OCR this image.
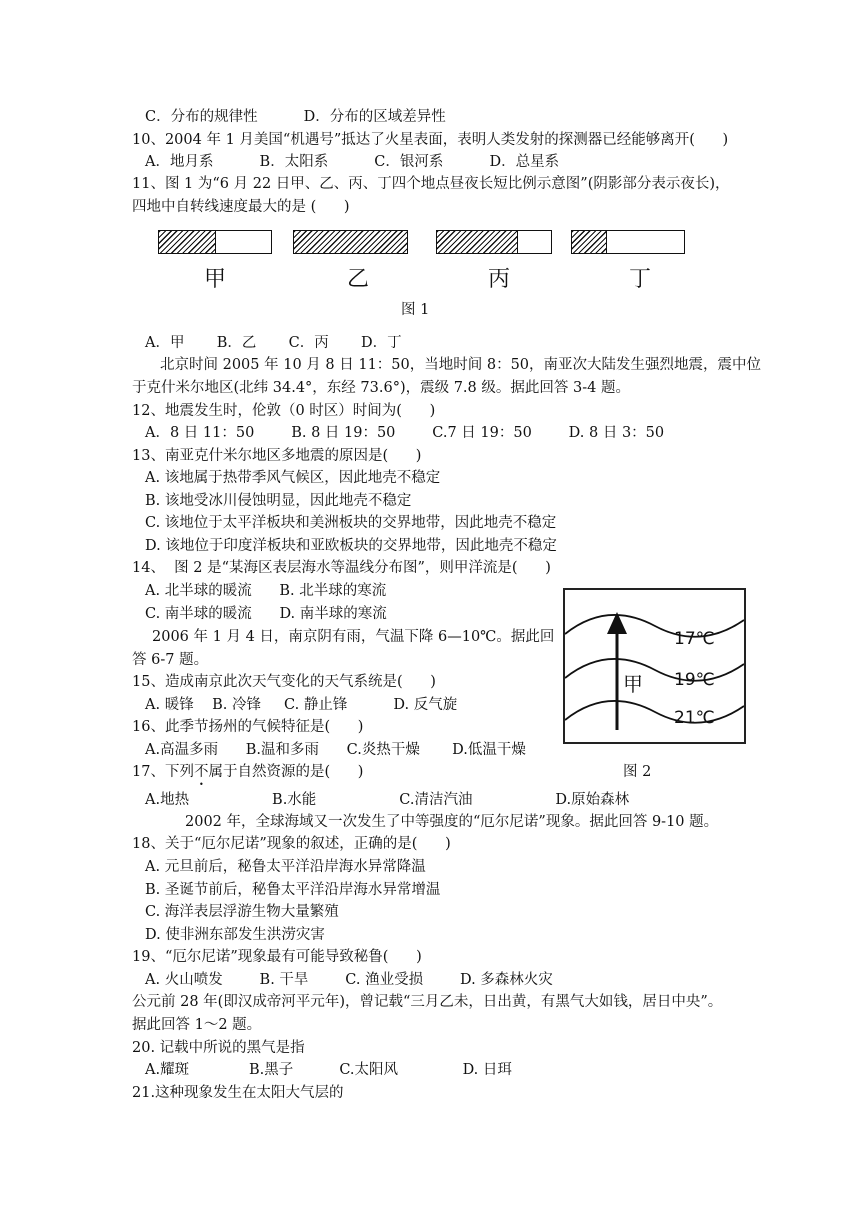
C．分布的规律性          D．分布的区域差异性
10、2004 年 1 月美国“机遇号”抵达了火星表面，表明人类发射的探测器已经能够离开(      )
A．地月系          B．太阳系          C．银河系          D．总星系
11、图 1 为“6 月 22 日甲、乙、丙、丁四个地点昼夜长短比例示意图”(阴影部分表示夜长)，
四地中自转线速度最大的是 (      )
甲	乙	丙	丁
图 1
A．甲       B．乙       C．丙       D．丁
北京时间 2005 年 10 月 8 日 11：50，当地时间 8：50，南亚次大陆发生强烈地震，震中位
于克什米尔地区(北纬 34.4°，东经 73.6°)，震级 7.8 级。据此回答 3-4 题。
12、地震发生时，伦敦（0 时区）时间为(      )
A．8 日 11：50        B. 8 日 19：50        C.7 日 19：50        D. 8 日 3：50
13、南亚克什米尔地区多地震的原因是(      )
A. 该地属于热带季风气候区，因此地壳不稳定
B. 该地受冰川侵蚀明显，因此地壳不稳定
C. 该地位于太平洋板块和美洲板块的交界地带，因此地壳不稳定
D. 该地位于印度洋板块和亚欧板块的交界地带，因此地壳不稳定
14、  图 2 是“某海区表层海水等温线分布图”，则甲洋流是(      )
A. 北半球的暖流      B. 北半球的寒流
C. 南半球的暖流      D. 南半球的寒流
2006 年 1 月 4 日，南京阴有雨，气温下降 6—10℃。据此回
答 6-7 题。
15、造成南京此次天气变化的天气系统是(      )
A. 暖锋    B. 冷锋     C. 静止锋          D. 反气旋
16、此季节扬州的气候特征是(      )
A.高温多雨      B.温和多雨      C.炎热干燥       D.低温干燥
17、下列不属于自然资源的是(      )
A.地热                  B.水能                  C.清洁汽油                  D.原始森林
2002 年，全球海域又一次发生了中等强度的“厄尔尼诺”现象。据此回答 9-10 题。
18、关于“厄尔尼诺”现象的叙述，正确的是(      )
A. 元旦前后，秘鲁太平洋沿岸海水异常降温
B. 圣诞节前后，秘鲁太平洋沿岸海水异常增温
C. 海洋表层浮游生物大量繁殖
D. 使非洲东部发生洪涝灾害
19、“厄尔尼诺”现象最有可能导致秘鲁(      )
A. 火山喷发        B. 干旱        C. 渔业受损        D. 多森林火灾
公元前 28 年(即汉成帝河平元年)，曾记载“三月乙未，日出黄，有黑气大如钱，居日中央”。
据此回答 1～2 题。
20. 记载中所说的黑气是指
A.耀斑             B.黑子          C.太阳风              D. 日珥
21.这种现象发生在太阳大气层的
甲
17℃
19℃
21℃
图 2
